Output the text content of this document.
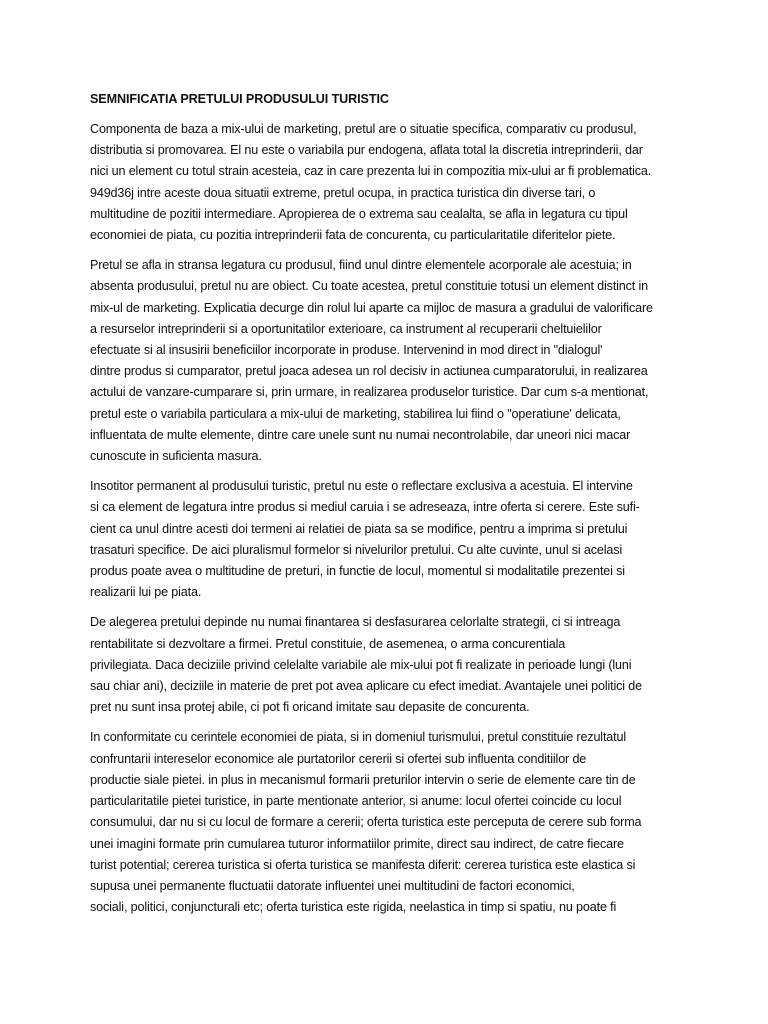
SEMNIFICATIA PRETULUI PRODUSULUI TURISTIC
Componenta de baza a mix-ului de marketing, pretul are o situatie specifica, comparativ cu produsul,
distributia si promovarea. El nu este o variabila pur endogena, aflata total la discretia intreprinderii, dar
nici un element cu totul strain acesteia, caz in care prezenta lui in compozitia mix-ului ar fi problematica.
949d36j intre aceste doua situatii extreme, pretul ocupa, in practica turistica din diverse tari, o
multitudine de pozitii intermediare. Apropierea de o extrema sau cealalta, se afla in legatura cu tipul
economiei de piata, cu pozitia intreprinderii fata de concurenta, cu particularitatile diferitelor piete.
Pretul se afla in stransa legatura cu produsul, fiind unul dintre elementele acorporale ale acestuia; in
absenta produsului, pretul nu are obiect. Cu toate acestea, pretul constituie totusi un element distinct in
mix-ul de marketing. Explicatia decurge din rolul lui aparte ca mijloc de masura a gradului de valorificare
a resurselor intreprinderii si a oportunitatilor exterioare, ca instrument al recuperarii cheltuielilor
efectuate si al insusirii beneficiilor incorporate in produse. Intervenind in mod direct in "dialogul'
dintre produs si cumparator, pretul joaca adesea un rol decisiv in actiunea cumparatorului, in realizarea
actului de vanzare-cumparare si, prin urmare, in realizarea produselor turistice. Dar cum s-a mentionat,
pretul este o variabila particulara a mix-ului de marketing, stabilirea lui fiind o "operatiune' delicata,
influentata de multe elemente, dintre care unele sunt nu numai necontrolabile, dar uneori nici macar
cunoscute in suficienta masura.
Insotitor permanent al produsului turistic, pretul nu este o reflectare exclusiva a acestuia. El intervine
si ca element de legatura intre produs si mediul caruia i se adreseaza, intre oferta si cerere. Este sufi-
cient ca unul dintre acesti doi termeni ai relatiei de piata sa se modifice, pentru a imprima si pretului
trasaturi specifice. De aici pluralismul formelor si nivelurilor pretului. Cu alte cuvinte, unul si acelasi
produs poate avea o multitudine de preturi, in functie de locul, momentul si modalitatile prezentei si
realizarii lui pe piata.
De alegerea pretului depinde nu numai finantarea si desfasurarea celorlalte strategii, ci si intreaga
rentabilitate si dezvoltare a firmei. Pretul constituie, de asemenea, o arma concurentiala
privilegiata. Daca deciziile privind celelalte variabile ale mix-ului pot fi realizate in perioade lungi (luni
sau chiar ani), deciziile in materie de pret pot avea aplicare cu efect imediat. Avantajele unei politici de
pret nu sunt insa protej abile, ci pot fi oricand imitate sau depasite de concurenta.
In conformitate cu cerintele economiei de piata, si in domeniul turismului, pretul constituie rezultatul
confruntarii intereselor economice ale purtatorilor cererii si ofertei sub influenta conditiilor de
productie siale pietei. in plus in mecanismul formarii preturilor intervin o serie de elemente care tin de
particularitatile pietei turistice, in parte mentionate anterior, si anume: locul ofertei coincide cu locul
consumului, dar nu si cu locul de formare a cererii; oferta turistica este perceputa de cerere sub forma
unei imagini formate prin cumularea tuturor informatiilor primite, direct sau indirect, de catre fiecare
turist potential; cererea turistica si oferta turistica se manifesta diferit: cererea turistica este elastica si
supusa unei permanente fluctuatii datorate influentei unei multitudini de factori economici,
sociali, politici, conjuncturali etc; oferta turistica este rigida, neelastica in timp si spatiu, nu poate fi
